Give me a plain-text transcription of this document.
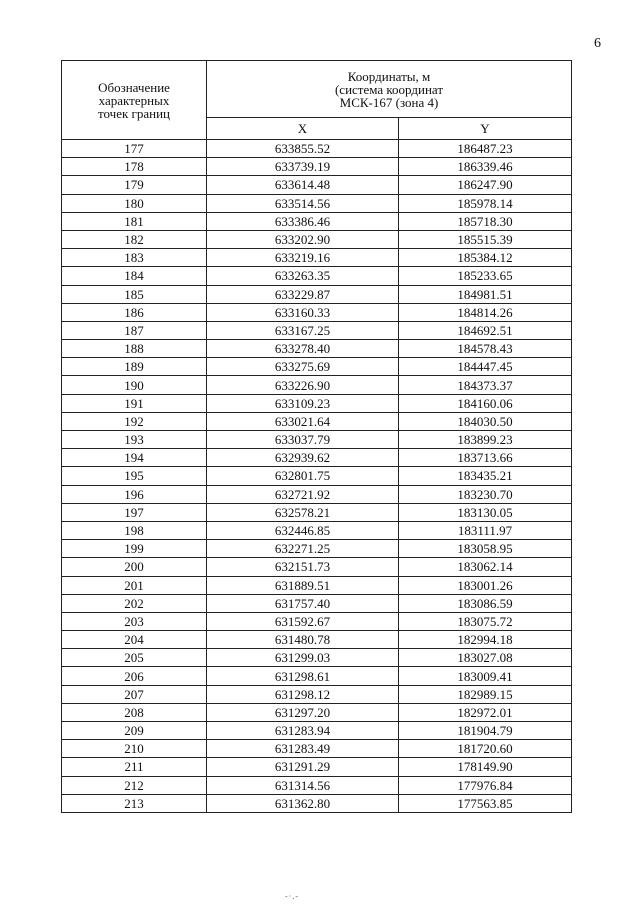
6
Обозначение
характерных
точек границ	Координаты, м
(система координат
МСК-167 (зона 4)	

	X	Y
177	633855.52	186487.23
178	633739.19	186339.46
179	633614.48	186247.90
180	633514.56	185978.14
181	633386.46	185718.30
182	633202.90	185515.39
183	633219.16	185384.12
184	633263.35	185233.65
185	633229.87	184981.51
186	633160.33	184814.26
187	633167.25	184692.51
188	633278.40	184578.43
189	633275.69	184447.45
190	633226.90	184373.37
191	633109.23	184160.06
192	633021.64	184030.50
193	633037.79	183899.23
194	632939.62	183713.66
195	632801.75	183435.21
196	632721.92	183230.70
197	632578.21	183130.05
198	632446.85	183111.97
199	632271.25	183058.95
200	632151.73	183062.14
201	631889.51	183001.26
202	631757.40	183086.59
203	631592.67	183075.72
204	631480.78	182994.18
205	631299.03	183027.08
206	631298.61	183009.41
207	631298.12	182989.15
208	631297.20	182972.01
209	631283.94	181904.79
210	631283.49	181720.60
211	631291.29	178149.90
212	631314.56	177976.84
213	631362.80	177563.85
-·.-
